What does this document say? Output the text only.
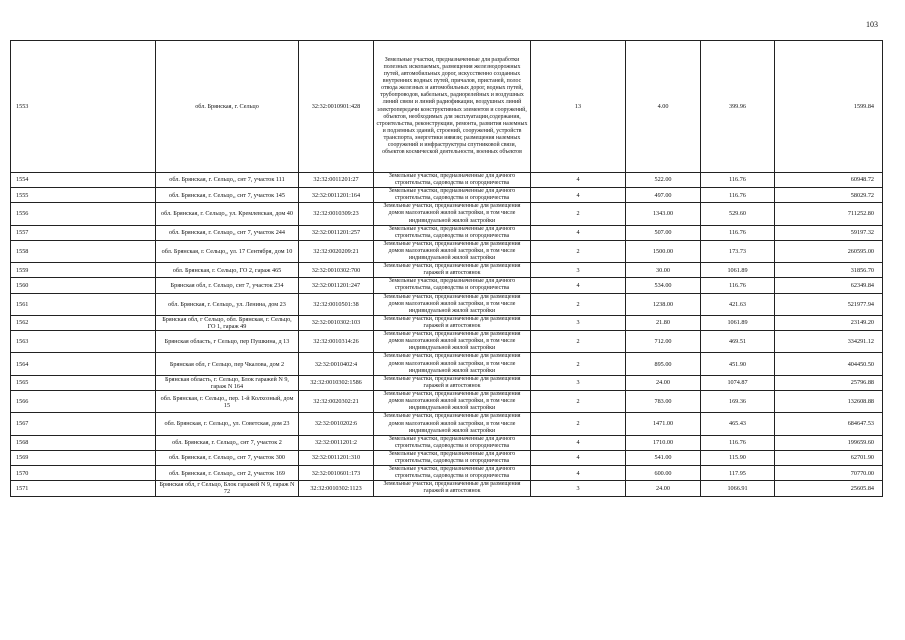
103
1553	обл. Брянская, г. Сельцо	32:32:0010901:428	Земельные участки, предназначенные для разработки полезных ископаемых, размещения железнодорожных путей, автомобильных дорог, искусственно созданных внутренних водных путей, причалов, пристаней, полос отвода железных и автомобильных дорог, водных путей, трубопроводов, кабельных, радиорелейных и воздушных линий связи и линий радиофикации, воздушных линий электропередачи конструктивных элементов и сооружений, объектов, необходимых для эксплуатации,содержания, строительства, реконструкции, ремонта, развития наземных и подземных зданий, строений, сооружений, устройств транспорта, энергетики иявязи; размещения наземных сооружений и инфраструктуры спутниковой связи, объектов космической деятельности, военных объектов	13	4.00	399.96	1599.84
1554	обл. Брянская, г. Сельцо,, снт 7, участок 111	32:32:0011201:27	Земельные участки, предназначенные для дачного строительства, садоводства и огородничества	4	522.00	116.76	60948.72
1555	обл. Брянская, г. Сельцо,, снт 7, участок 145	32:32:0011201:164	Земельные участки, предназначенные для дачного строительства, садоводства и огородничества	4	497.00	116.76	58029.72
1556	обл. Брянская, г. Сельцо,, ул. Кремлевская, дом 40	32:32:0010309:23	Земельные участки, предназначенные для размещения домов малоэтажной жилой застройки, в том числе индивидуальной жилой застройки	2	1343.00	529.60	711252.80
1557	обл. Брянская, г. Сельцо,, снт 7, участок 244	32:32:0011201:257	Земельные участки, предназначенные для дачного строительства, садоводства и огородничества	4	507.00	116.76	59197.32
1558	обл. Брянская, г. Сельцо,, ул. 17 Сентября, дом 10	32:32:0020209:21	Земельные участки, предназначенные для размещения домов малоэтажной жилой застройки, в том числе индивидуальной жилой застройки	2	1500.00	173.73	260595.00
1559	обл. Брянская, г. Сельцо, ГО 2, гараж 465	32:32:0010302:700	Земельные участки, предназначенные для размещения гаражей и автостоянок	3	30.00	1061.89	31856.70
1560	Брянская обл, г. Сельцо, снт 7, участок 234	32:32:0011201:247	Земельные участки, предназначенные для дачного строительства, садоводства и огородничества	4	534.00	116.76	62349.84
1561	обл. Брянская, г. Сельцо,, ул. Ленина, дом 23	32:32:0010501:38	Земельные участки, предназначенные для размещения домов малоэтажной жилой застройки, в том числе индивидуальной жилой застройки	2	1238.00	421.63	521977.94
1562	Брянская обл, г Сельцо, обл. Брянская, г. Сельцо, ГО 1, гараж 49	32:32:0010302:103	Земельные участки, предназначенные для размещения гаражей и автостоянок	3	21.80	1061.89	23149.20
1563	Брянская область, г Сельцо, пер Пушкина, д 13	32:32:0010314:26	Земельные участки, предназначенные для размещения домов малоэтажной жилой застройки, в том числе индивидуальной жилой застройки	2	712.00	469.51	334291.12
1564	Брянская обл, г Сельцо, пер Чкалова, дом 2	32:32:0010402:4	Земельные участки, предназначенные для размещения домов малоэтажной жилой застройки, в том числе индивидуальной жилой застройки	2	895.00	451.90	404450.50
1565	Брянская область, г. Сельцо, Блок гаражей N 9, гараж N 164	32:32:0010302:1586	Земельные участки, предназначенные для размещения гаражей и автостоянок	3	24.00	1074.87	25796.88
1566	обл. Брянская, г. Сельцо,, пер. 1-й Колхозный, дом 15	32:32:0020302:21	Земельные участки, предназначенные для размещения домов малоэтажной жилой застройки, в том числе индивидуальной жилой застройки	2	783.00	169.36	132608.88
1567	обл. Брянская, г. Сельцо,, ул. Советская, дом 23	32:32:0010202:6	Земельные участки, предназначенные для размещения домов малоэтажной жилой застройки, в том числе индивидуальной жилой застройки	2	1471.00	465.43	684647.53
1568	обл. Брянская, г. Сельцо,, снт 7, участок 2	32:32:0011201:2	Земельные участки, предназначенные для дачного строительства, садоводства и огородничества	4	1710.00	116.76	199659.60
1569	обл. Брянская, г. Сельцо,, снт 7, участок 300	32:32:0011201:310	Земельные участки, предназначенные для дачного строительства, садоводства и огородничества	4	541.00	115.90	62701.90
1570	обл. Брянская, г. Сельцо,, снт 2, участок 169	32:32:0010601:173	Земельные участки, предназначенные для дачного строительства, садоводства и огородничества	4	600.00	117.95	70770.00
1571	Брянская обл, г Сельцо, Блок гаражей N 9, гараж N 72	32:32:0010302:1123	Земельные участки, предназначенные для размещения гаражей и автостоянок	3	24.00	1066.91	25605.84
